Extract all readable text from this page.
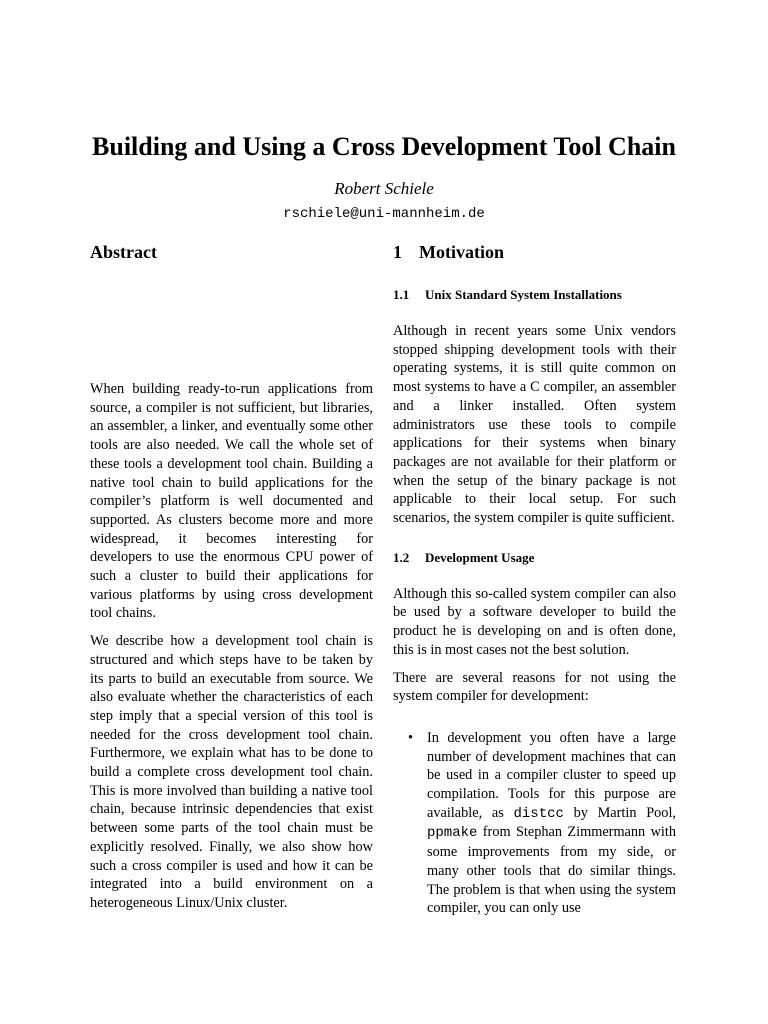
Building and Using a Cross Development Tool Chain
Robert Schiele
rschiele@uni-mannheim.de
Abstract

When building ready-to-run applications from source, a compiler is not sufficient, but libraries, an assembler, a linker, and eventually some other tools are also needed. We call the whole set of these tools a development tool chain. Building a native tool chain to build applications for the compiler’s platform is well documented and supported. As clusters become more and more widespread, it becomes interesting for developers to use the enormous CPU power of such a cluster to build their applications for various platforms by using cross development tool chains.

We describe how a development tool chain is structured and which steps have to be taken by its parts to build an executable from source. We also evaluate whether the characteristics of each step imply that a special version of this tool is needed for the cross development tool chain. Furthermore, we explain what has to be done to build a complete cross development tool chain. This is more involved than building a native tool chain, because intrinsic dependencies that exist between some parts of the tool chain must be explicitly resolved. Finally, we also show how such a cross compiler is used and how it can be integrated into a build environment on a heterogeneous Linux/Unix cluster.

1 Motivation
1.1 Unix Standard System Installations

Although in recent years some Unix vendors stopped shipping development tools with their operating systems, it is still quite common on most systems to have a C compiler, an assembler and a linker installed. Often system administrators use these tools to compile applications for their systems when binary packages are not available for their platform or when the setup of the binary package is not applicable to their local setup. For such scenarios, the system compiler is quite sufficient.

1.2 Development Usage

Although this so-called system compiler can also be used by a software developer to build the product he is developing on and is often done, this is in most cases not the best solution.

There are several reasons for not using the system compiler for development:

• In development you often have a large number of development machines that can be used in a compiler cluster to speed up compilation. Tools for this purpose are available, as distcc by Martin Pool, ppmake from Stephan Zimmermann with some improvements from my side, or many other tools that do similar things. The problem is that when using the system compiler, you can only use
